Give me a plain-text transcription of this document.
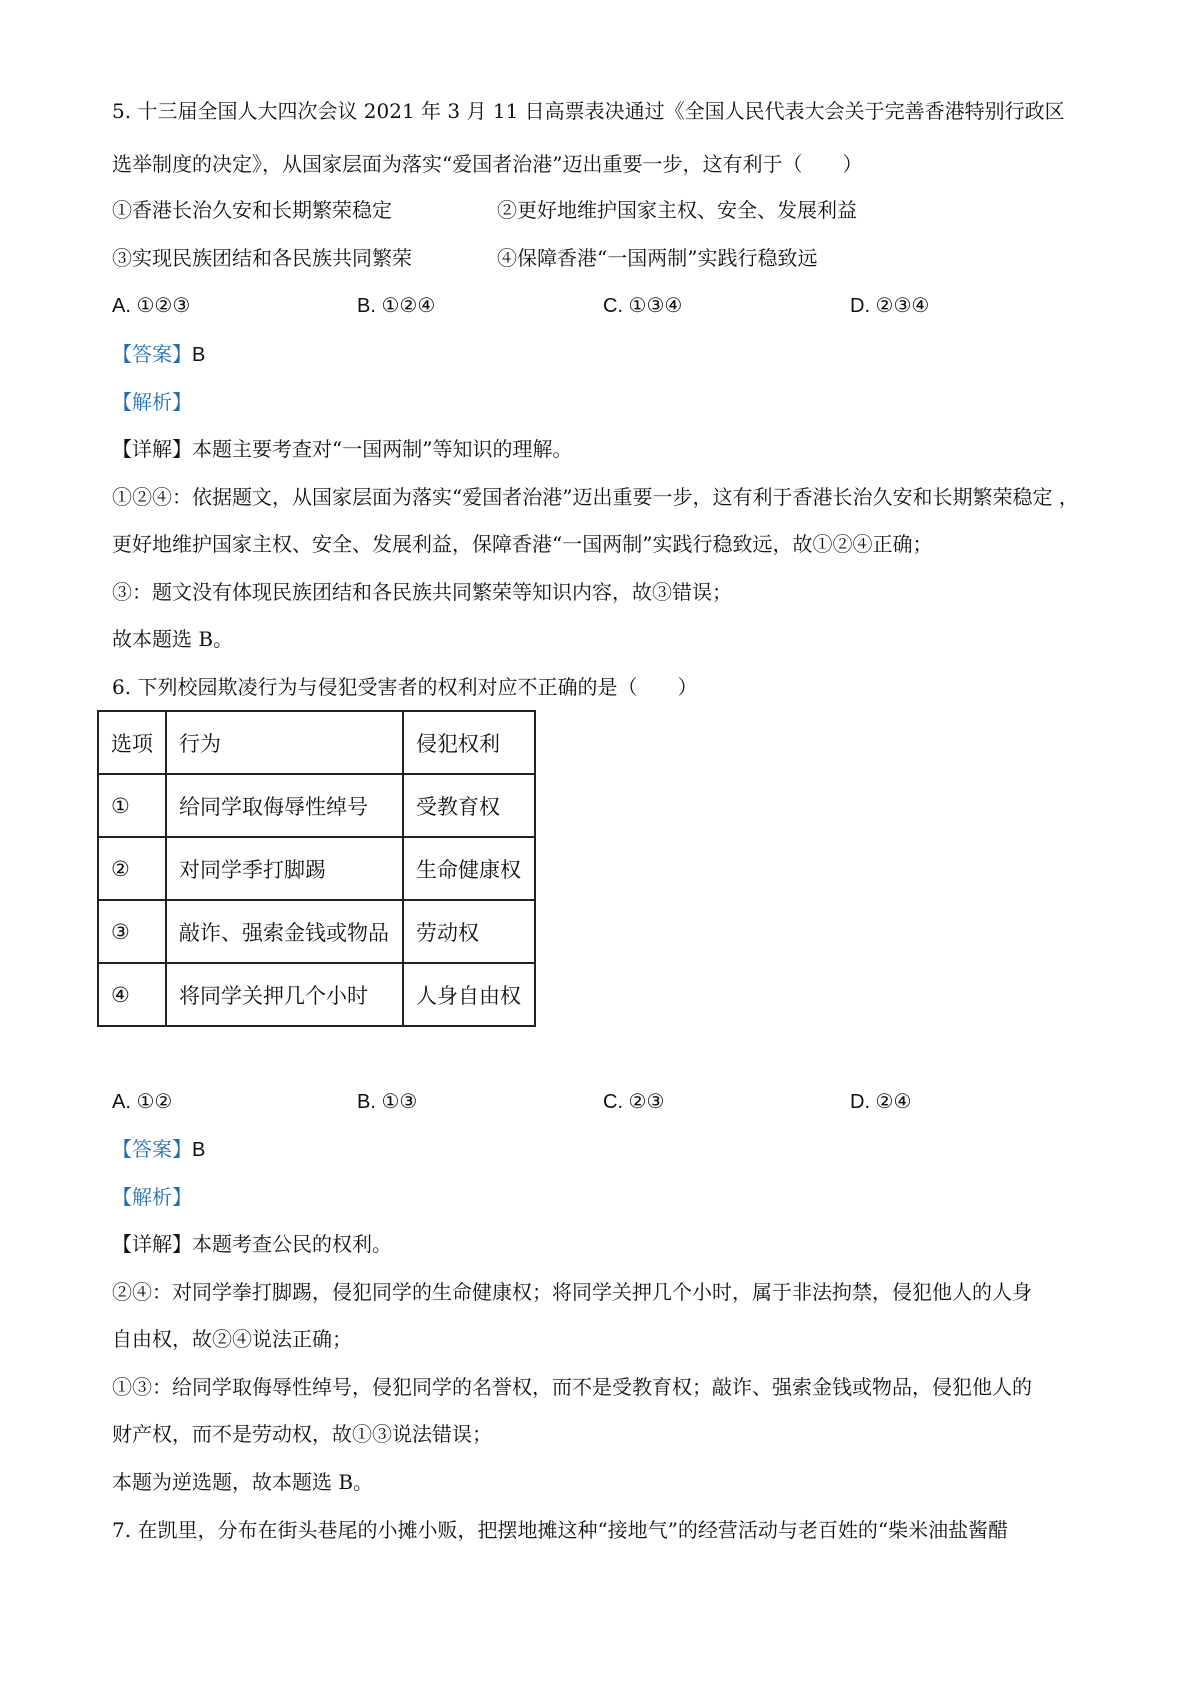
5. 十三届全国人大四次会议 2021 年 3 月 11 日高票表决通过《全国人民代表大会关于完善香港特别行政区
选举制度的决定》，从国家层面为落实“爱国者治港”迈出重要一步，这有利于（　　）
①香港长治久安和长期繁荣稳定	②更好地维护国家主权、安全、发展利益
③实现民族团结和各民族共同繁荣	④保障香港“一国两制”实践行稳致远
A. ①②③	B. ①②④	C. ①③④	D. ②③④
【答案】B
【解析】
【详解】本题主要考查对“一国两制”等知识的理解。
①②④：依据题文，从国家层面为落实“爱国者治港”迈出重要一步，这有利于香港长治久安和长期繁荣稳定 ，
更好地维护国家主权、安全、发展利益，保障香港“一国两制”实践行稳致远，故①②④正确；
③：题文没有体现民族团结和各民族共同繁荣等知识内容，故③错误；
故本题选 B。
6. 下列校园欺凌行为与侵犯受害者的权利对应不正确的是（　　）
选项	行为	侵犯权利
①	给同学取侮辱性绰号	受教育权
②	对同学季打脚踢	生命健康权
③	敲诈、强索金钱或物品	劳动权
④	将同学关押几个小时	人身自由权
A. ①②	B. ①③	C. ②③	D. ②④
【答案】B
【解析】
【详解】本题考查公民的权利。
②④：对同学拳打脚踢，侵犯同学的生命健康权；将同学关押几个小时，属于非法拘禁，侵犯他人的人身
自由权，故②④说法正确；
①③：给同学取侮辱性绰号，侵犯同学的名誉权，而不是受教育权；敲诈、强索金钱或物品，侵犯他人的
财产权，而不是劳动权，故①③说法错误；
本题为逆选题，故本题选 B。
7. 在凯里，分布在街头巷尾的小摊小贩，把摆地摊这种“接地气”的经营活动与老百姓的“柴米油盐酱醋
